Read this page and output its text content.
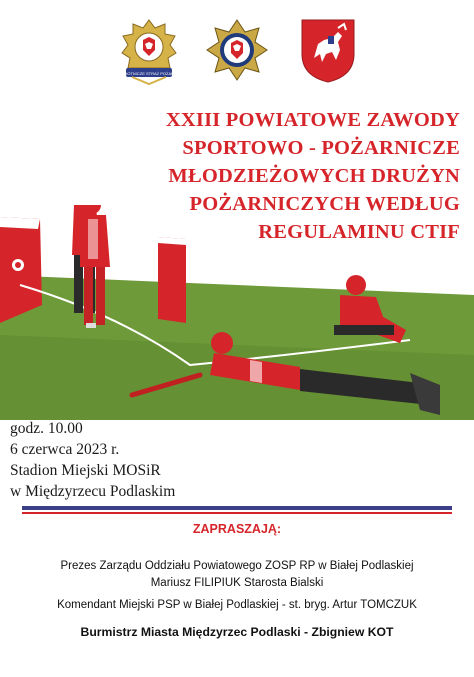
OCHOTNICZE STRAŻ POŻARNA
XXIII POWIATOWE ZAWODY
SPORTOWO - POŻARNICZE
MŁODZIEŻOWYCH DRUŻYN
POŻARNICZYCH WEDŁUG
REGULAMINU CTIF
godz. 10.00
6 czerwca 2023 r.
Stadion Miejski MOSiR
w Międzyrzecu Podlaskim
ZAPRASZAJĄ:
Prezes Zarządu Oddziału Powiatowego ZOSP RP w Białej Podlaskiej
Mariusz FILIPIUK Starosta Bialski
Komendant Miejski PSP w Białej Podlaskiej - st. bryg. Artur TOMCZUK
Burmistrz Miasta Międzyrzec Podlaski - Zbigniew KOT
